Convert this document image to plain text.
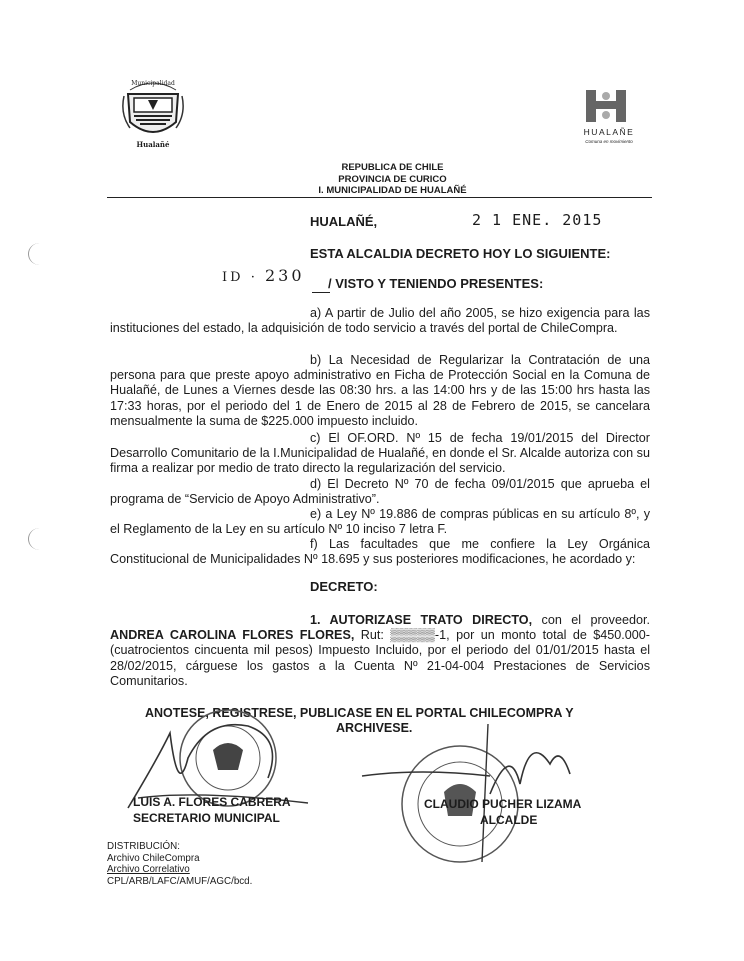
Municipalidad
Hualañé
HUALAÑE
Comuna en movimiento
REPUBLICA DE CHILE
PROVINCIA DE CURICO
I. MUNICIPALIDAD DE HUALAÑÉ
HUALAÑÉ,	2 1 ENE. 2015
ESTA ALCALDIA DECRETO HOY LO SIGUIENTE:
ID · 230 / VISTO Y TENIENDO PRESENTES:
a) A partir de Julio del año 2005, se hizo exigencia para las instituciones del estado, la adquisición de todo servicio a través del portal de ChileCompra.
b) La Necesidad de Regularizar la Contratación de una persona para que preste apoyo administrativo en Ficha de Protección Social en la Comuna de Hualañé, de Lunes a Viernes desde las 08:30 hrs. a las 14:00 hrs y de las 15:00 hrs hasta las 17:33 horas, por el periodo del 1 de Enero de 2015 al 28 de Febrero de 2015, se cancelara mensualmente la suma de $225.000 impuesto incluido.
c) El OF.ORD. Nº 15 de fecha 19/01/2015 del Director Desarrollo Comunitario de la I.Municipalidad de Hualañé, en donde el Sr. Alcalde autoriza con su firma a realizar por medio de trato directo la regularización del servicio.
d) El Decreto Nº 70 de fecha 09/01/2015 que aprueba el programa de “Servicio de Apoyo Administrativo”.
e) a Ley Nº 19.886 de compras públicas en su artículo 8º, y el Reglamento de la Ley en su artículo Nº 10 inciso 7 letra F.
f) Las facultades que me confiere la Ley Orgánica Constitucional de Municipalidades Nº 18.695 y sus posteriores modificaciones, he acordado y:
DECRETO:
1. AUTORIZASE TRATO DIRECTO, con el proveedor. ANDREA CAROLINA FLORES FLORES, Rut: ▒▒▒▒▒-1, por un monto total de $450.000- (cuatrocientos cincuenta mil pesos) Impuesto Incluido, por el periodo del 01/01/2015 hasta el 28/02/2015, cárguese los gastos a la Cuenta Nº 21-04-004 Prestaciones de Servicios Comunitarios.
ANOTESE, REGISTRESE, PUBLICASE EN EL PORTAL CHILECOMPRA Y
ARCHIVESE.
LUIS A. FLORES CABRERA
SECRETARIO MUNICIPAL
CLAUDIO PUCHER LIZAMA
ALCALDE
DISTRIBUCIÓN:
Archivo ChileCompra
Archivo Correlativo
CPL/ARB/LAFC/AMUF/AGC/bcd.
